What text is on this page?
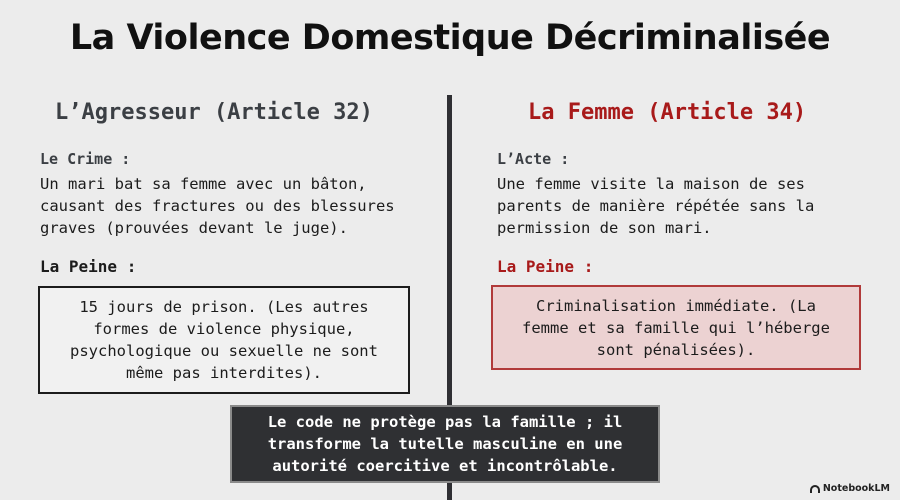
La Violence Domestique Décriminalisée
L’Agresseur (Article 32)
Le Crime :
Un mari bat sa femme avec un bâton,
causant des fractures ou des blessures
graves (prouvées devant le juge).
La Peine :
15 jours de prison. (Les autres formes de violence physique, psychologique ou sexuelle ne sont même pas interdites).
La Femme (Article 34)
L’Acte :
Une femme visite la maison de ses
parents de manière répétée sans la
permission de son mari.
La Peine :
Criminalisation immédiate. (La femme et sa famille qui l’héberge sont pénalisées).
Le code ne protège pas la famille ; il transforme la tutelle masculine en une autorité coercitive et incontrôlable.
NotebookLM
